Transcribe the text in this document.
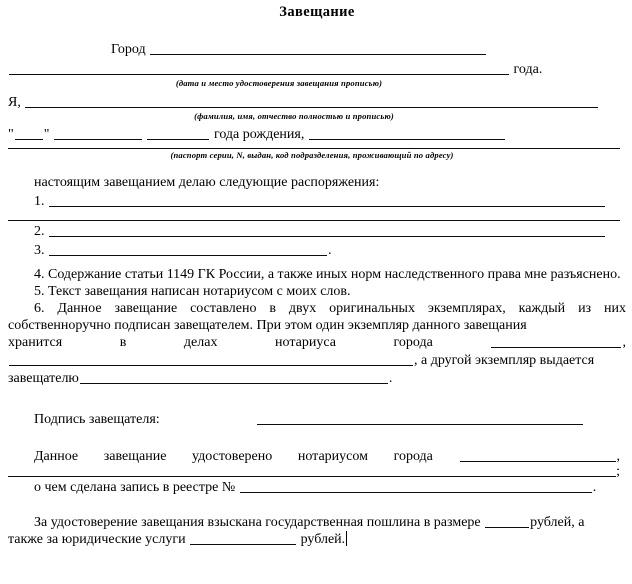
Завещание
Город
года.
(дата и место удостоверения завещания прописью)
Я,
(фамилия, имя, отчество полностью и прописью)
" "	года рождения,
(паспорт серии, N, выдан, код подразделения, проживающий по адресу)
настоящим завещанием делаю следующие распоряжения:
1.
2.
3.	.
4. Содержание статьи 1149 ГК России, а также иных норм наследственного права мне разъяснено.
5. Текст завещания написан нотариусом с моих слов.
6. Данное завещание составлено в двух оригинальных экземплярах, каждый из них собственноручно подписан завещателем. При этом один экземпляр данного завещания
хранится	в	делах	нотариуса	города	,
, а другой экземпляр выдается
завещателю	.
Подпись завещателя:
Данное завещание удостоверено нотариусом города	,
;
о чем сделана запись в реестре №	.
За удостоверение завещания взыскана государственная пошлина в размере	рублей, а
также за юридические услуги	рублей.
